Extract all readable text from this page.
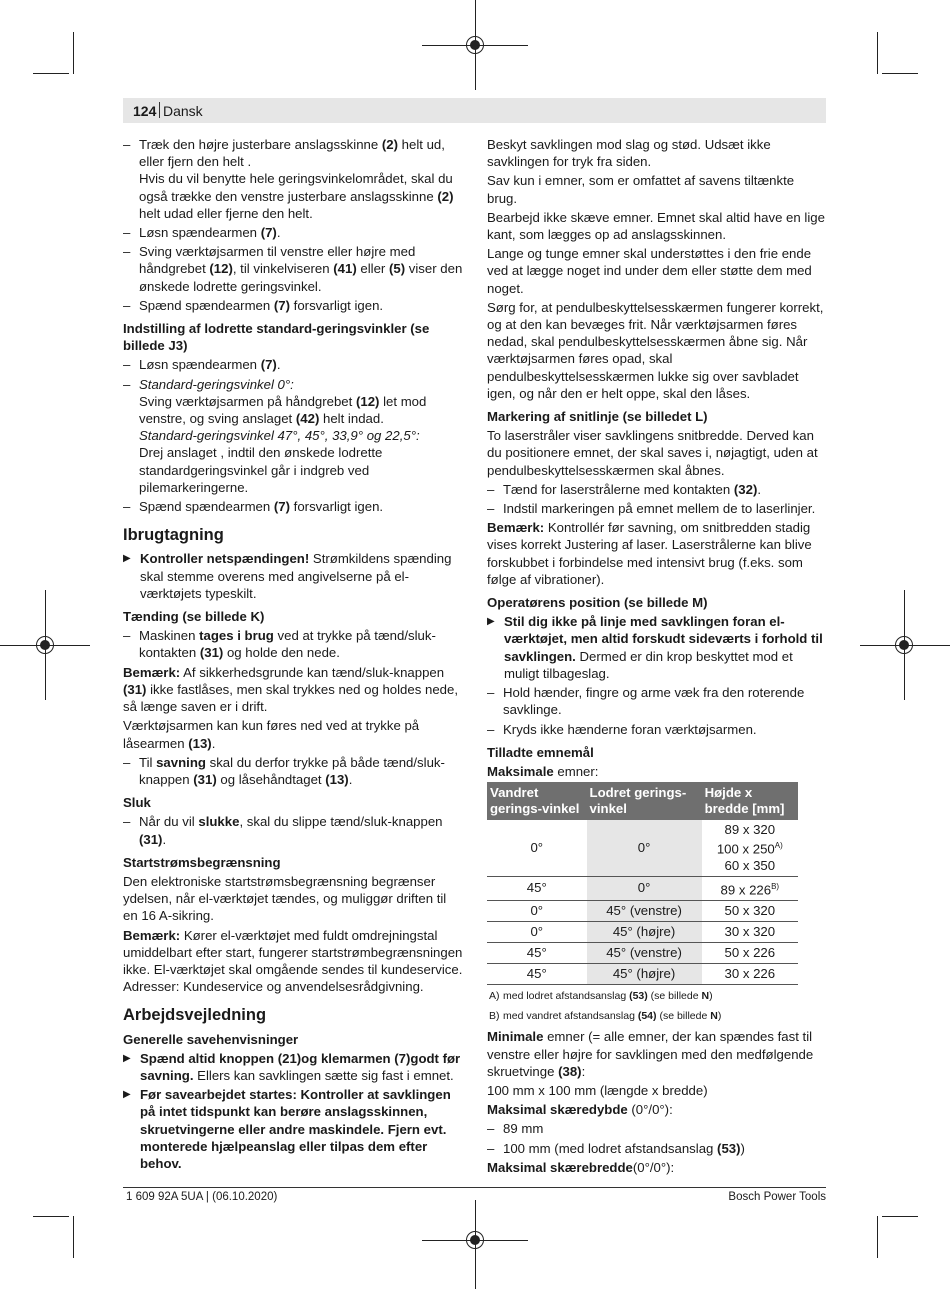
124 Dansk
– Træk den højre justerbare anslagsskinne (2) helt ud, eller fjern den helt .
Hvis du vil benytte hele geringsvinkelområdet, skal du også trække den venstre justerbare anslagsskinne (2) helt udad eller fjerne den helt.
– Løsn spændearmen (7).
– Sving værktøjsarmen til venstre eller højre med håndgrebet (12), til vinkelviseren (41) eller (5) viser den ønskede lodrette geringsvinkel.
– Spænd spændearmen (7) forsvarligt igen.
Indstilling af lodrette standard-geringsvinkler (se billede J3)
– Løsn spændearmen (7).
– Standard-geringsvinkel 0°:
Sving værktøjsarmen på håndgrebet (12) let mod venstre, og sving anslaget (42) helt indad.
Standard-geringsvinkel 47°, 45°, 33,9° og 22,5°:
Drej anslaget , indtil den ønskede lodrette standardgeringsvinkel går i indgreb ved pilemarkeringerne.
– Spænd spændearmen (7) forsvarligt igen.
Ibrugtagning
▶ Kontroller netspændingen! Strømkildens spænding skal stemme overens med angivelserne på el-værktøjets typeskilt.
Tænding (se billede K)
– Maskinen tages i brug ved at trykke på tænd/sluk-kontakten (31) og holde den nede.
Bemærk: Af sikkerhedsgrunde kan tænd/sluk-knappen (31) ikke fastlåses, men skal trykkes ned og holdes nede, så længe saven er i drift.
Værktøjsarmen kan kun føres ned ved at trykke på låsearmen (13).
– Til savning skal du derfor trykke på både tænd/sluk-knappen (31) og låsehåndtaget (13).
Sluk
– Når du vil slukke, skal du slippe tænd/sluk-knappen (31).
Startstrømsbegrænsning
Den elektroniske startstrømsbegrænsning begrænser ydelsen, når el-værktøjet tændes, og muliggør driften til en 16 A-sikring.
Bemærk: Kører el-værktøjet med fuldt omdrejningstal umiddelbart efter start, fungerer startstrømbegrænsningen ikke. El-værktøjet skal omgående sendes til kundeservice. Adresser: Kundeservice og anvendelsesrådgivning.
Arbejdsvejledning
Generelle savehenvisninger
▶ Spænd altid knoppen (21)og klemarmen (7)godt før savning. Ellers kan savklingen sætte sig fast i emnet.
▶ Før savearbejdet startes: Kontroller at savklingen på intet tidspunkt kan berøre anslagsskinnen, skruetvingerne eller andre maskindele. Fjern evt. monterede hjælpeanslag eller tilpas dem efter behov.
Beskyt savklingen mod slag og stød. Udsæt ikke savklingen for tryk fra siden.
Sav kun i emner, som er omfattet af savens tiltænkte brug.
Bearbejd ikke skæve emner. Emnet skal altid have en lige kant, som lægges op ad anslagsskinnen.
Lange og tunge emner skal understøttes i den frie ende ved at lægge noget ind under dem eller støtte dem med noget.
Sørg for, at pendulbeskyttelsesskærmen fungerer korrekt, og at den kan bevæges frit. Når værktøjsarmen føres nedad, skal pendulbeskyttelsesskærmen åbne sig. Når værktøjsarmen føres opad, skal pendulbeskyttelsesskærmen lukke sig over savbladet igen, og når den er helt oppe, skal den låses.
Markering af snitlinje (se billedet L)
To laserstråler viser savklingens snitbredde. Derved kan du positionere emnet, der skal saves i, nøjagtigt, uden at pendulbeskyttelsesskærmen skal åbnes.
– Tænd for laserstrålerne med kontakten (32).
– Indstil markeringen på emnet mellem de to laserlinjer.
Bemærk: Kontrollér før savning, om snitbredden stadig vises korrekt Justering af laser. Laserstrålerne kan blive forskubbet i forbindelse med intensivt brug (f.eks. som følge af vibrationer).
Operatørens position (se billede M)
▶ Stil dig ikke på linje med savklingen foran el-værktøjet, men altid forskudt sideværts i forhold til savklingen. Dermed er din krop beskyttet mod et muligt tilbageslag.
– Hold hænder, fingre og arme væk fra den roterende savklinge.
– Kryds ikke hænderne foran værktøjsarmen.
Tilladte emnemål
Maksimale emner:
Vandret gerings-vinkel	Lodret gerings-vinkel	Højde x bredde [mm]
0°	0°	89 x 320
100 x $250^{A)}$
60 x 350

45°	0°	89 x $226^{B)}$
0°	45° (venstre)	50 x 320
0°	45° (højre)	30 x 320
45°	45° (venstre)	50 x 226
45°	45° (højre)	30 x 226
A) med lodret afstandsanslag (53) (se billede N)
B) med vandret afstandsanslag (54) (se billede N)
Minimale emner (= alle emner, der kan spændes fast til venstre eller højre for savklingen med den medfølgende skruetvinge (38):
100 mm x 100 mm (længde x bredde)
Maksimal skæredybde (0°/0°):
– 89 mm
– 100 mm (med lodret afstandsanslag (53))
Maksimal skærebredde(0°/0°):
1 609 92A 5UA | (06.10.2020)	Bosch Power Tools
